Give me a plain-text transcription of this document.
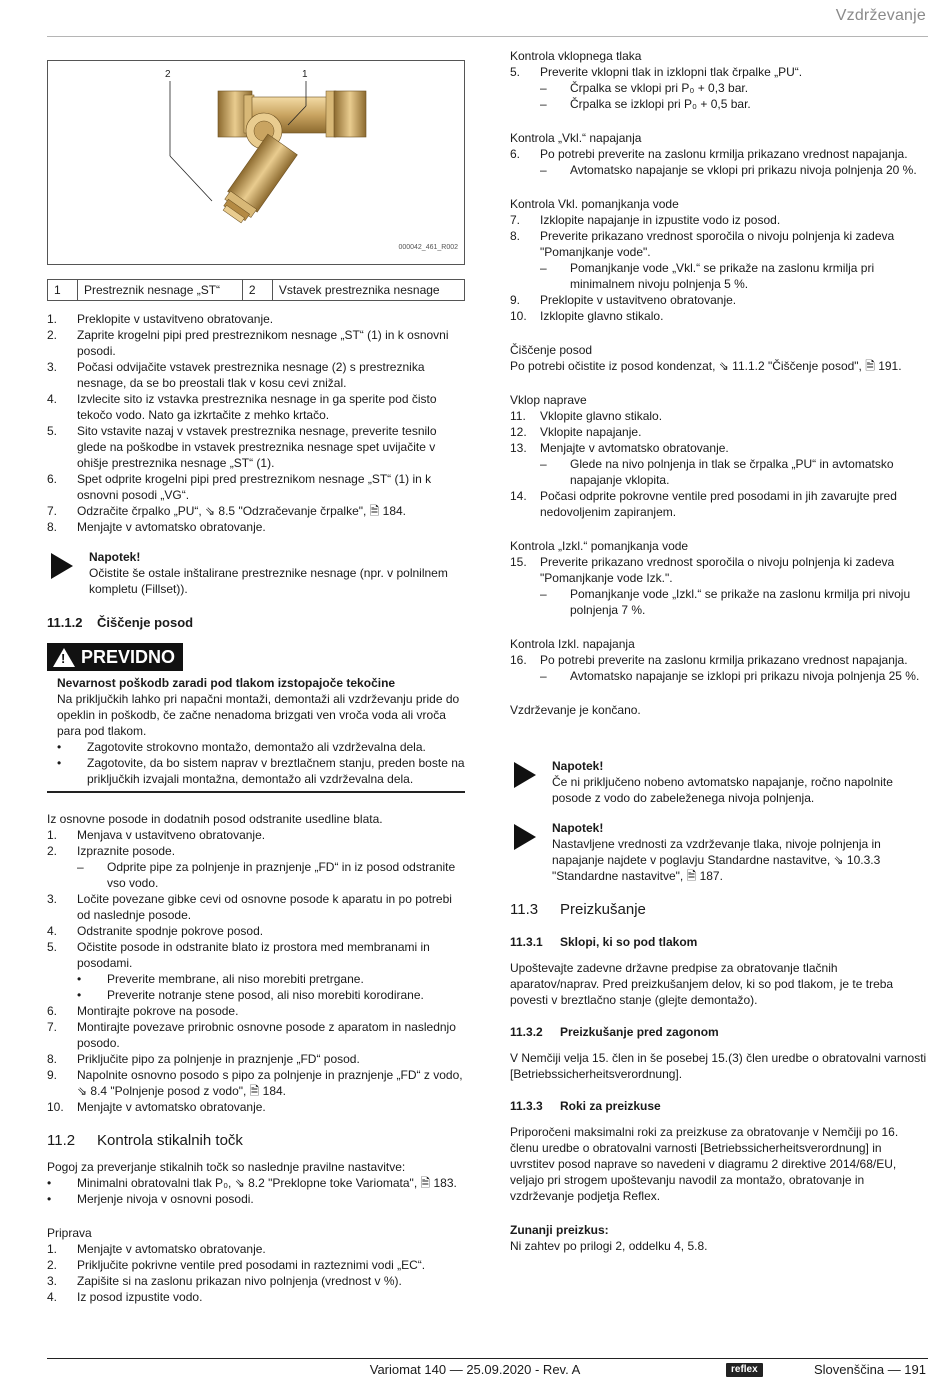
Vzdrževanje
2	1
000042_461_R002
1	Prestreznik nesnage „ST“	2	Vstavek prestreznika nesnage
1. Preklopite v ustavitveno obratovanje.
2. Zaprite krogelni pipi pred prestreznikom nesnage „ST“ (1) in k osnovni posodi.
3. Počasi odvijačite vstavek prestreznika nesnage (2) s prestreznika nesnage, da se bo preostali tlak v kosu cevi znižal.
4. Izvlecite sito iz vstavka prestreznika nesnage in ga sperite pod čisto tekočo vodo. Nato ga izkrtačite z mehko krtačo.
5. Sito vstavite nazaj v vstavek prestreznika nesnage, preverite tesnilo glede na poškodbe in vstavek prestreznika nesnage spet uvijačite v ohišje prestreznika nesnage „ST“ (1).
6. Spet odprite krogelni pipi pred prestreznikom nesnage „ST“ (1) in k osnovni posodi „VG“.
7. Odzračite črpalko „PU“, ⇘ 8.5 "Odzračevanje črpalke", 🗎 184.
8. Menjajte v avtomatsko obratovanje.
Napotek!
Očistite še ostale inštalirane prestreznike nesnage (npr. v polnilnem kompletu (Fillset)).
11.1.2 Čiščenje posod
!
PREVIDNO
Nevarnost poškodb zaradi pod tlakom izstopajoče tekočine
Na priključkih lahko pri napačni montaži, demontaži ali vzdrževanju pride do opeklin in poškodb, če začne nenadoma brizgati ven vroča voda ali vroča para pod tlakom.
• Zagotovite strokovno montažo, demontažo ali vzdrževalna dela.
• Zagotovite, da bo sistem naprav v breztlačnem stanju, preden boste na priključkih izvajali montažna, demontažo ali vzdrževalna dela.
Iz osnovne posode in dodatnih posod odstranite usedline blata.
1. Menjava v ustavitveno obratovanje.
2. Izpraznite posode.
– Odprite pipe za polnjenje in praznjenje „FD“ in iz posod odstranite vso vodo.
3. Ločite povezane gibke cevi od osnovne posode k aparatu in po potrebi od naslednje posode.
4. Odstranite spodnje pokrove posod.
5. Očistite posode in odstranite blato iz prostora med membranami in posodami.
• Preverite membrane, ali niso morebiti pretrgane.
• Preverite notranje stene posod, ali niso morebiti korodirane.
6. Montirajte pokrove na posode.
7. Montirajte povezave prirobnic osnovne posode z aparatom in naslednjo posodo.
8. Priključite pipo za polnjenje in praznjenje „FD“ posod.
9. Napolnite osnovno posodo s pipo za polnjenje in praznjenje „FD“ z vodo, ⇘ 8.4 "Polnjenje posod z vodo", 🗎 184.
10. Menjajte v avtomatsko obratovanje.
11.2 Kontrola stikalnih točk
Pogoj za preverjanje stikalnih točk so naslednje pravilne nastavitve:
• Minimalni obratovalni tlak P₀, ⇘ 8.2 "Preklopne toke Variomata", 🗎 183.
• Merjenje nivoja v osnovni posodi.
Priprava
1. Menjajte v avtomatsko obratovanje.
2. Priključite pokrivne ventile pred posodami in razteznimi vodi „EC“.
3. Zapišite si na zaslonu prikazan nivo polnjenja (vrednost v %).
4. Iz posod izpustite vodo.
Kontrola vklopnega tlaka
5. Preverite vklopni tlak in izklopni tlak črpalke „PU“.
– Črpalka se vklopi pri P₀ + 0,3 bar.
– Črpalka se izklopi pri P₀ + 0,5 bar.
Kontrola „Vkl.“ napajanja
6. Po potrebi preverite na zaslonu krmilja prikazano vrednost napajanja.
– Avtomatsko napajanje se vklopi pri prikazu nivoja polnjenja 20 %.
Kontrola Vkl. pomanjkanja vode
7. Izklopite napajanje in izpustite vodo iz posod.
8. Preverite prikazano vrednost sporočila o nivoju polnjenja ki zadeva "Pomanjkanje vode".
– Pomanjkanje vode „Vkl.“ se prikaže na zaslonu krmilja pri minimalnem nivoju polnjenja 5 %.
9. Preklopite v ustavitveno obratovanje.
10. Izklopite glavno stikalo.
Čiščenje posod
Po potrebi očistite iz posod kondenzat, ⇘ 11.1.2 "Čiščenje posod", 🗎 191.
Vklop naprave
11. Vklopite glavno stikalo.
12. Vklopite napajanje.
13. Menjajte v avtomatsko obratovanje.
– Glede na nivo polnjenja in tlak se črpalka „PU“ in avtomatsko napajanje vklopita.
14. Počasi odprite pokrovne ventile pred posodami in jih zavarujte pred nedovoljenim zapiranjem.
Kontrola „Izkl.“ pomanjkanja vode
15. Preverite prikazano vrednost sporočila o nivoju polnjenja ki zadeva "Pomanjkanje vode Izk.".
– Pomanjkanje vode „Izkl.“ se prikaže na zaslonu krmilja pri nivoju polnjenja 7 %.
Kontrola Izkl. napajanja
16. Po potrebi preverite na zaslonu krmilja prikazano vrednost napajanja.
– Avtomatsko napajanje se izklopi pri prikazu nivoja polnjenja 25 %.
Vzdrževanje je končano.
Napotek!
Če ni priključeno nobeno avtomatsko napajanje, ročno napolnite posode z vodo do zabeleženega nivoja polnjenja.
Napotek!
Nastavljene vrednosti za vzdrževanje tlaka, nivoje polnjenja in napajanje najdete v poglavju Standardne nastavitve, ⇘ 10.3.3 "Standardne nastavitve", 🗎 187.
11.3 Preizkušanje
11.3.1 Sklopi, ki so pod tlakom
Upoštevajte zadevne državne predpise za obratovanje tlačnih aparatov/naprav. Pred preizkušanjem delov, ki so pod tlakom, je te treba povesti v breztlačno stanje (glejte demontažo).
11.3.2 Preizkušanje pred zagonom
V Nemčiji velja 15. člen in še posebej 15.(3) člen uredbe o obratovalni varnosti [Betriebssicherheitsverordnung].
11.3.3 Roki za preizkuse
Priporočeni maksimalni roki za preizkuse za obratovanje v Nemčiji po 16. členu uredbe o obratovalni varnosti [Betriebssicherheitsverordnung] in uvrstitev posod naprave so navedeni v diagramu 2 direktive 2014/68/EU, veljajo pri strogem upoštevanju navodil za montažo, obratovanje in vzdrževanje podjetja Reflex.
Zunanji preizkus:
Ni zahtev po prilogi 2, oddelku 4, 5.8.
Variomat 140 — 25.09.2020 - Rev. A	reflex	Slovenščina — 191
